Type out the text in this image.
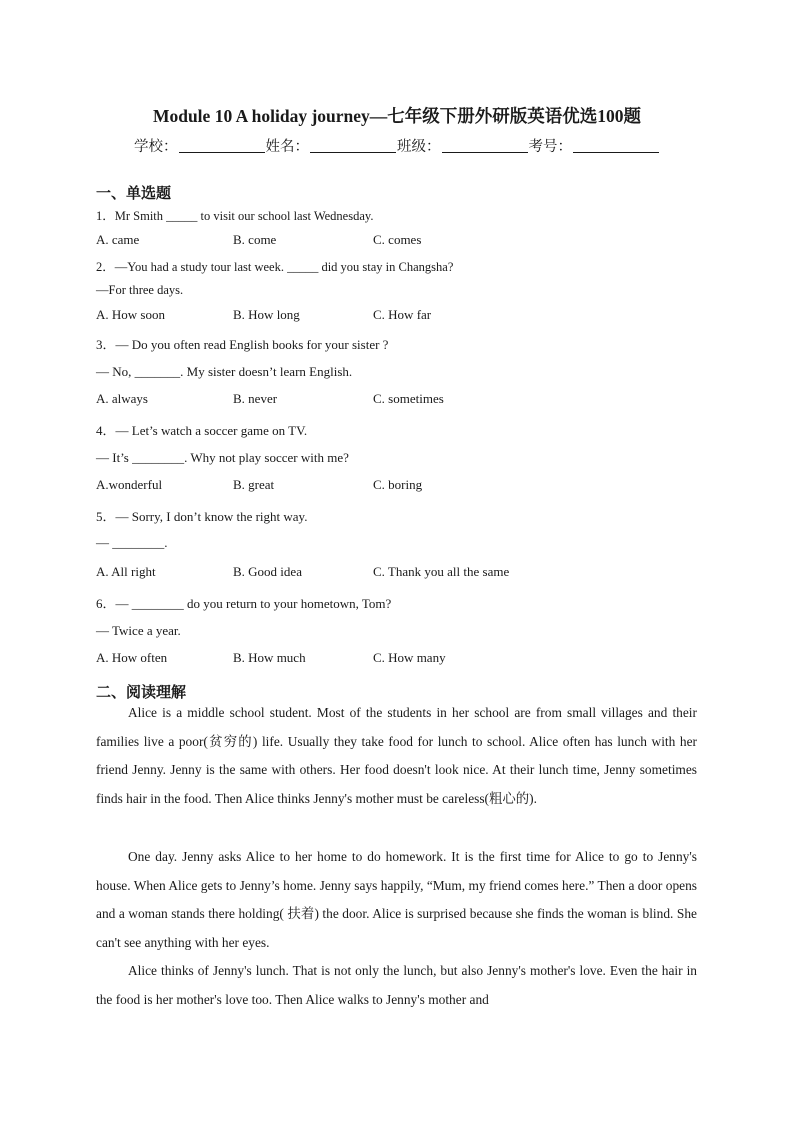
Module 10 A holiday journey—七年级下册外研版英语优选100题
学校：	姓名：	班级：	考号：
一、单选题
1．Mr Smith _____ to visit our school last Wednesday.
A. came	B. come	C. comes
2．—You had a study tour last week. _____ did you stay in Changsha?
—For three days.
A. How soon	B. How long	C. How far
3．— Do you often read English books for your sister ?
— No, _______. My sister doesn’t learn English.
A. always	B. never	C. sometimes
4．— Let’s watch a soccer game on TV.
— It’s ________. Why not play soccer with me?
A.wonderful	B. great	C. boring
5．— Sorry, I don’t know the right way.
— ________.
A. All right	B. Good idea	C. Thank you all the same
6．— ________ do you return to your hometown, Tom?
— Twice a year.
A. How often	B. How much	C. How many
二、阅读理解
Alice is a middle school student. Most of the students in her school are from small villages and their families live a poor(贫穷的) life. Usually they take food for lunch to school. Alice often has lunch with her friend Jenny. Jenny is the same with others. Her food doesn't look nice. At their lunch time, Jenny sometimes finds hair in the food. Then Alice thinks Jenny's mother must be careless(粗心的).
One day. Jenny asks Alice to her home to do homework. It is the first time for Alice to go to Jenny's house. When Alice gets to Jenny’s home. Jenny says happily, “Mum, my friend comes here.” Then a door opens and a woman stands there holding( 扶着) the door. Alice is surprised because she finds the woman is blind. She can't see anything with her eyes.
Alice thinks of Jenny's lunch. That is not only the lunch, but also Jenny's mother's love. Even the hair in the food is her mother's love too. Then Alice walks to Jenny's mother and
